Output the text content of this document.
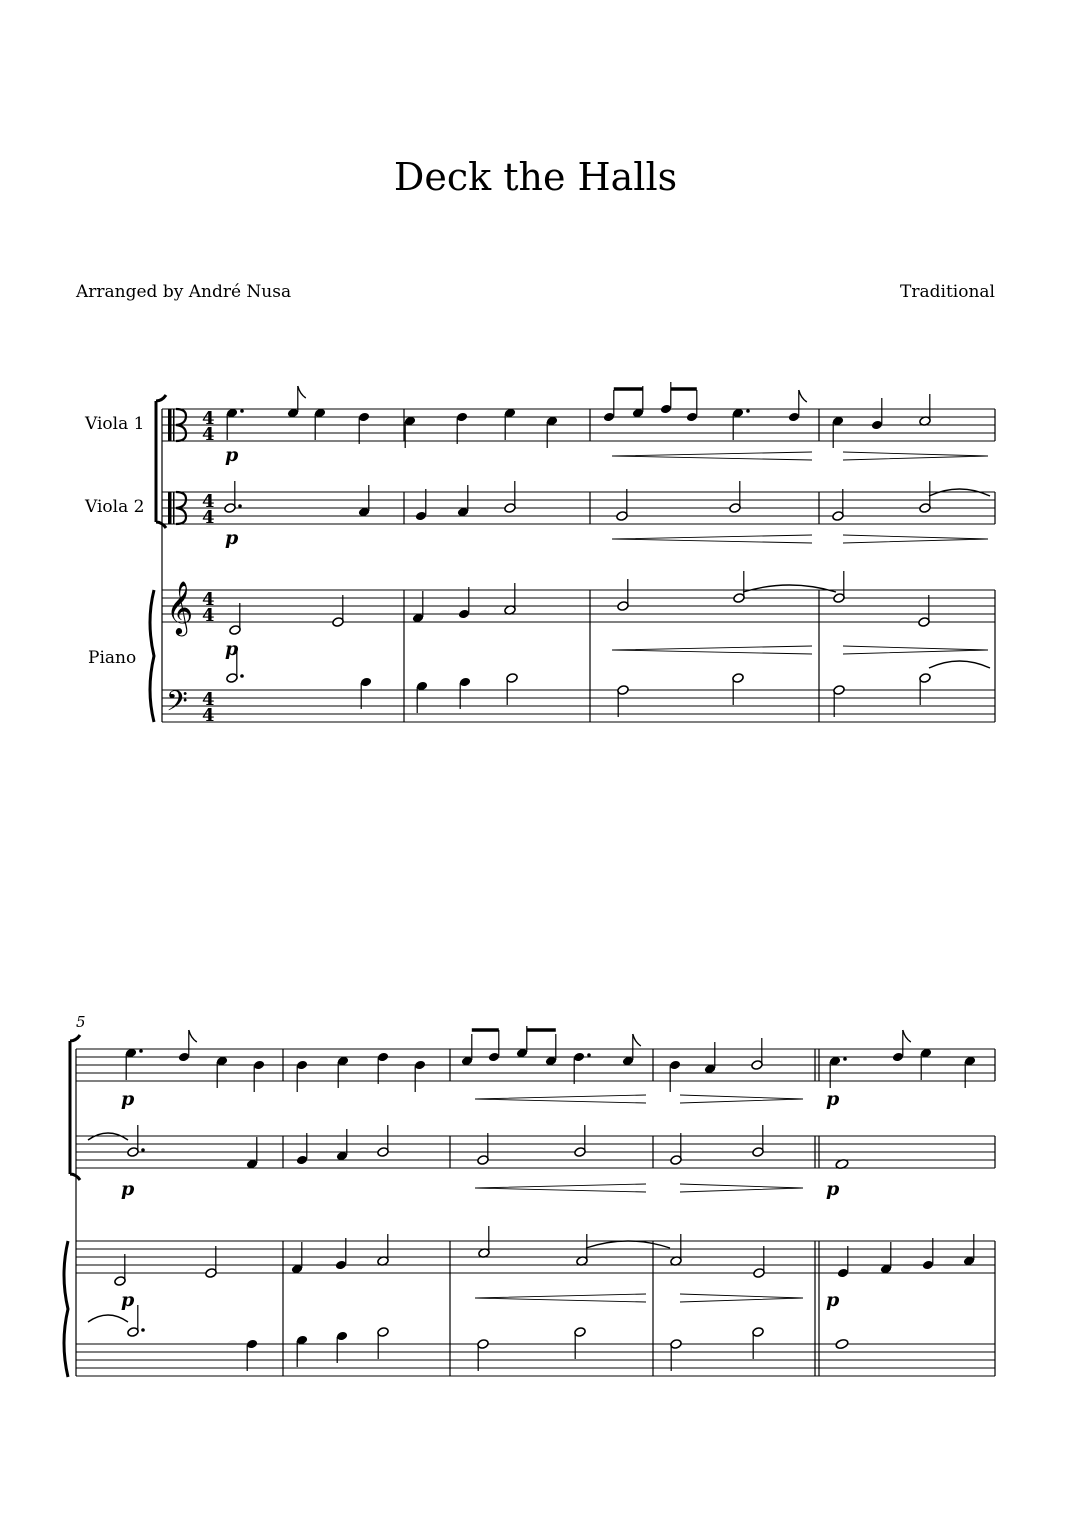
Deck the Halls
Arranged by André Nusa	Traditional
Viola 1
Viola 2
Piano
5
𝄞
𝄢
4
4
4
4
4
4
4
4
p
p
p
p
p
p
p
p
p
